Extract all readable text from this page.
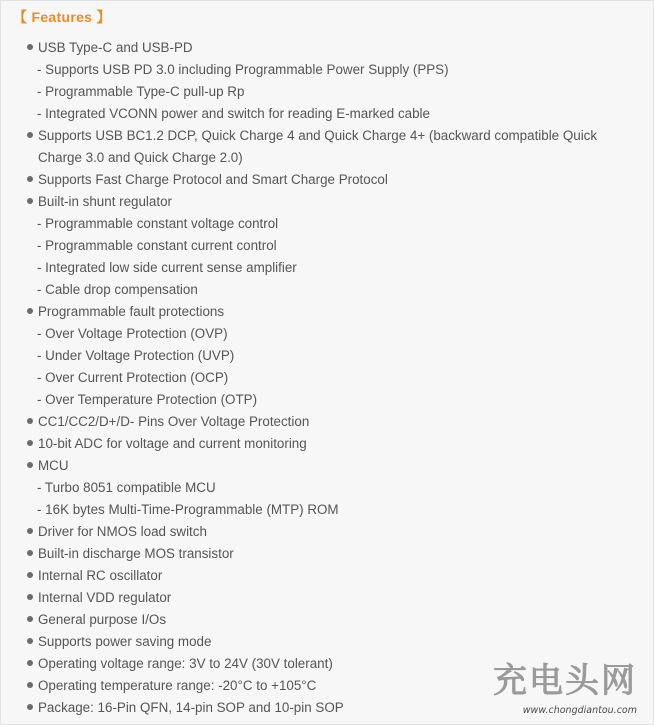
【 Features 】
USB Type-C and USB-PD
- Supports USB PD 3.0 including Programmable Power Supply (PPS)
- Programmable Type-C pull-up Rp
- Integrated VCONN power and switch for reading E-marked cable
Supports USB BC1.2 DCP, Quick Charge 4 and Quick Charge 4+ (backward compatible Quick Charge 3.0 and Quick Charge 2.0)
Supports Fast Charge Protocol and Smart Charge Protocol
Built-in shunt regulator
- Programmable constant voltage control
- Programmable constant current control
- Integrated low side current sense amplifier
- Cable drop compensation
Programmable fault protections
- Over Voltage Protection (OVP)
- Under Voltage Protection (UVP)
- Over Current Protection (OCP)
- Over Temperature Protection (OTP)
CC1/CC2/D+/D- Pins Over Voltage Protection
10-bit ADC for voltage and current monitoring
MCU
- Turbo 8051 compatible MCU
- 16K bytes Multi-Time-Programmable (MTP) ROM
Driver for NMOS load switch
Built-in discharge MOS transistor
Internal RC oscillator
Internal VDD regulator
General purpose I/Os
Supports power saving mode
Operating voltage range: 3V to 24V (30V tolerant)
Operating temperature range: -20°C to +105°C
Package: 16-Pin QFN, 14-pin SOP and 10-pin SOP
充电头网
www.chongdiantou.com
